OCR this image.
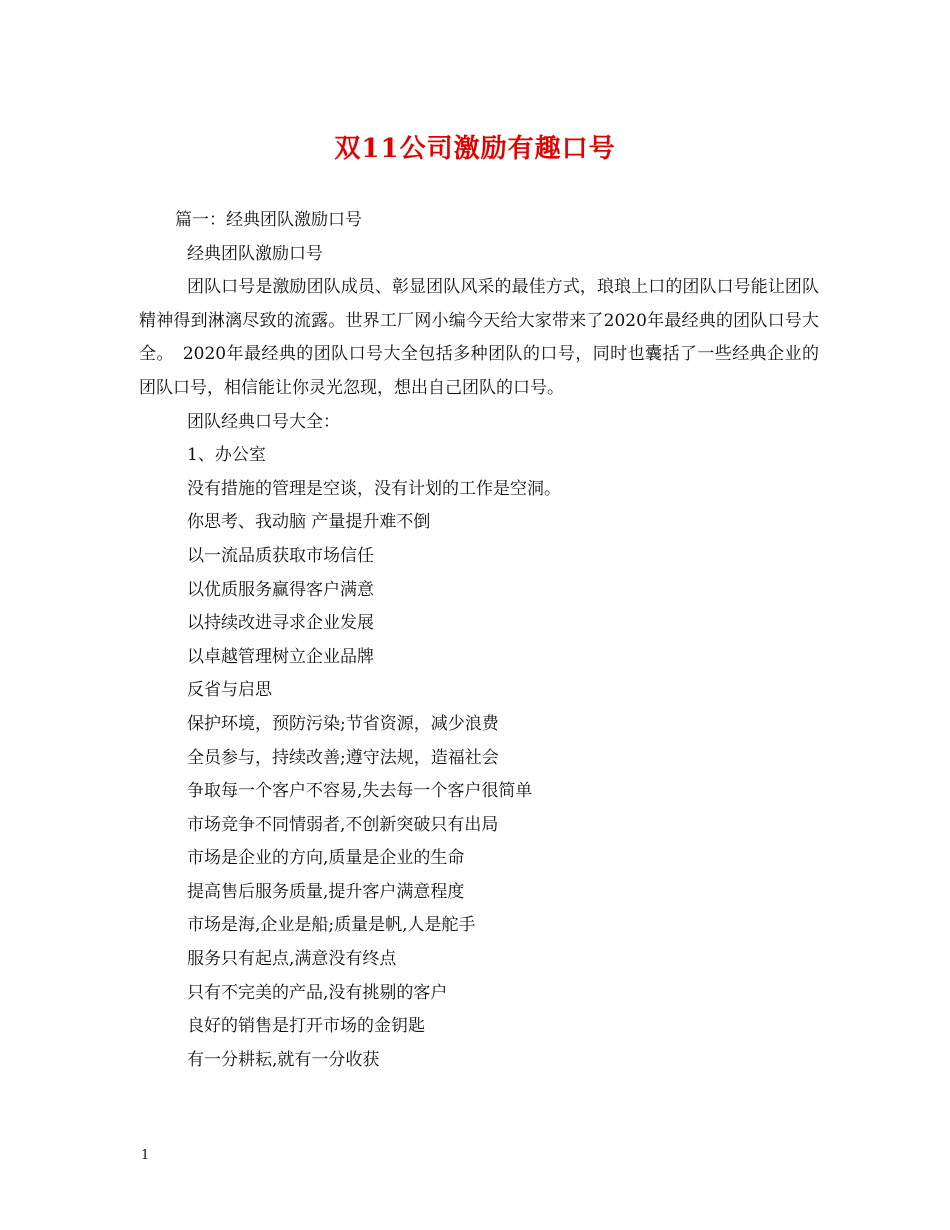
双11公司激励有趣口号
篇一：经典团队激励口号
经典团队激励口号
团队口号是激励团队成员、彰显团队风采的最佳方式，琅琅上口的团队口号能让团队精神得到淋漓尽致的流露。世界工厂网小编今天给大家带来了2020年最经典的团队口号大全。　2020年最经典的团队口号大全包括多种团队的口号，同时也囊括了一些经典企业的团队口号，相信能让你灵光忽现，想出自己团队的口号。
团队经典口号大全：
1、办公室
没有措施的管理是空谈，没有计划的工作是空洞。
你思考、我动脑 产量提升难不倒
以一流品质获取市场信任
以优质服务赢得客户满意
以持续改进寻求企业发展
以卓越管理树立企业品牌
反省与启思
保护环境，预防污染;节省资源，减少浪费
全员参与，持续改善;遵守法规，造福社会
争取每一个客户不容易,失去每一个客户很简单
市场竞争不同情弱者,不创新突破只有出局
市场是企业的方向,质量是企业的生命
提高售后服务质量,提升客户满意程度
市场是海,企业是船;质量是帆,人是舵手
服务只有起点,满意没有终点
只有不完美的产品,没有挑剔的客户
良好的销售是打开市场的金钥匙
有一分耕耘,就有一分收获
1
